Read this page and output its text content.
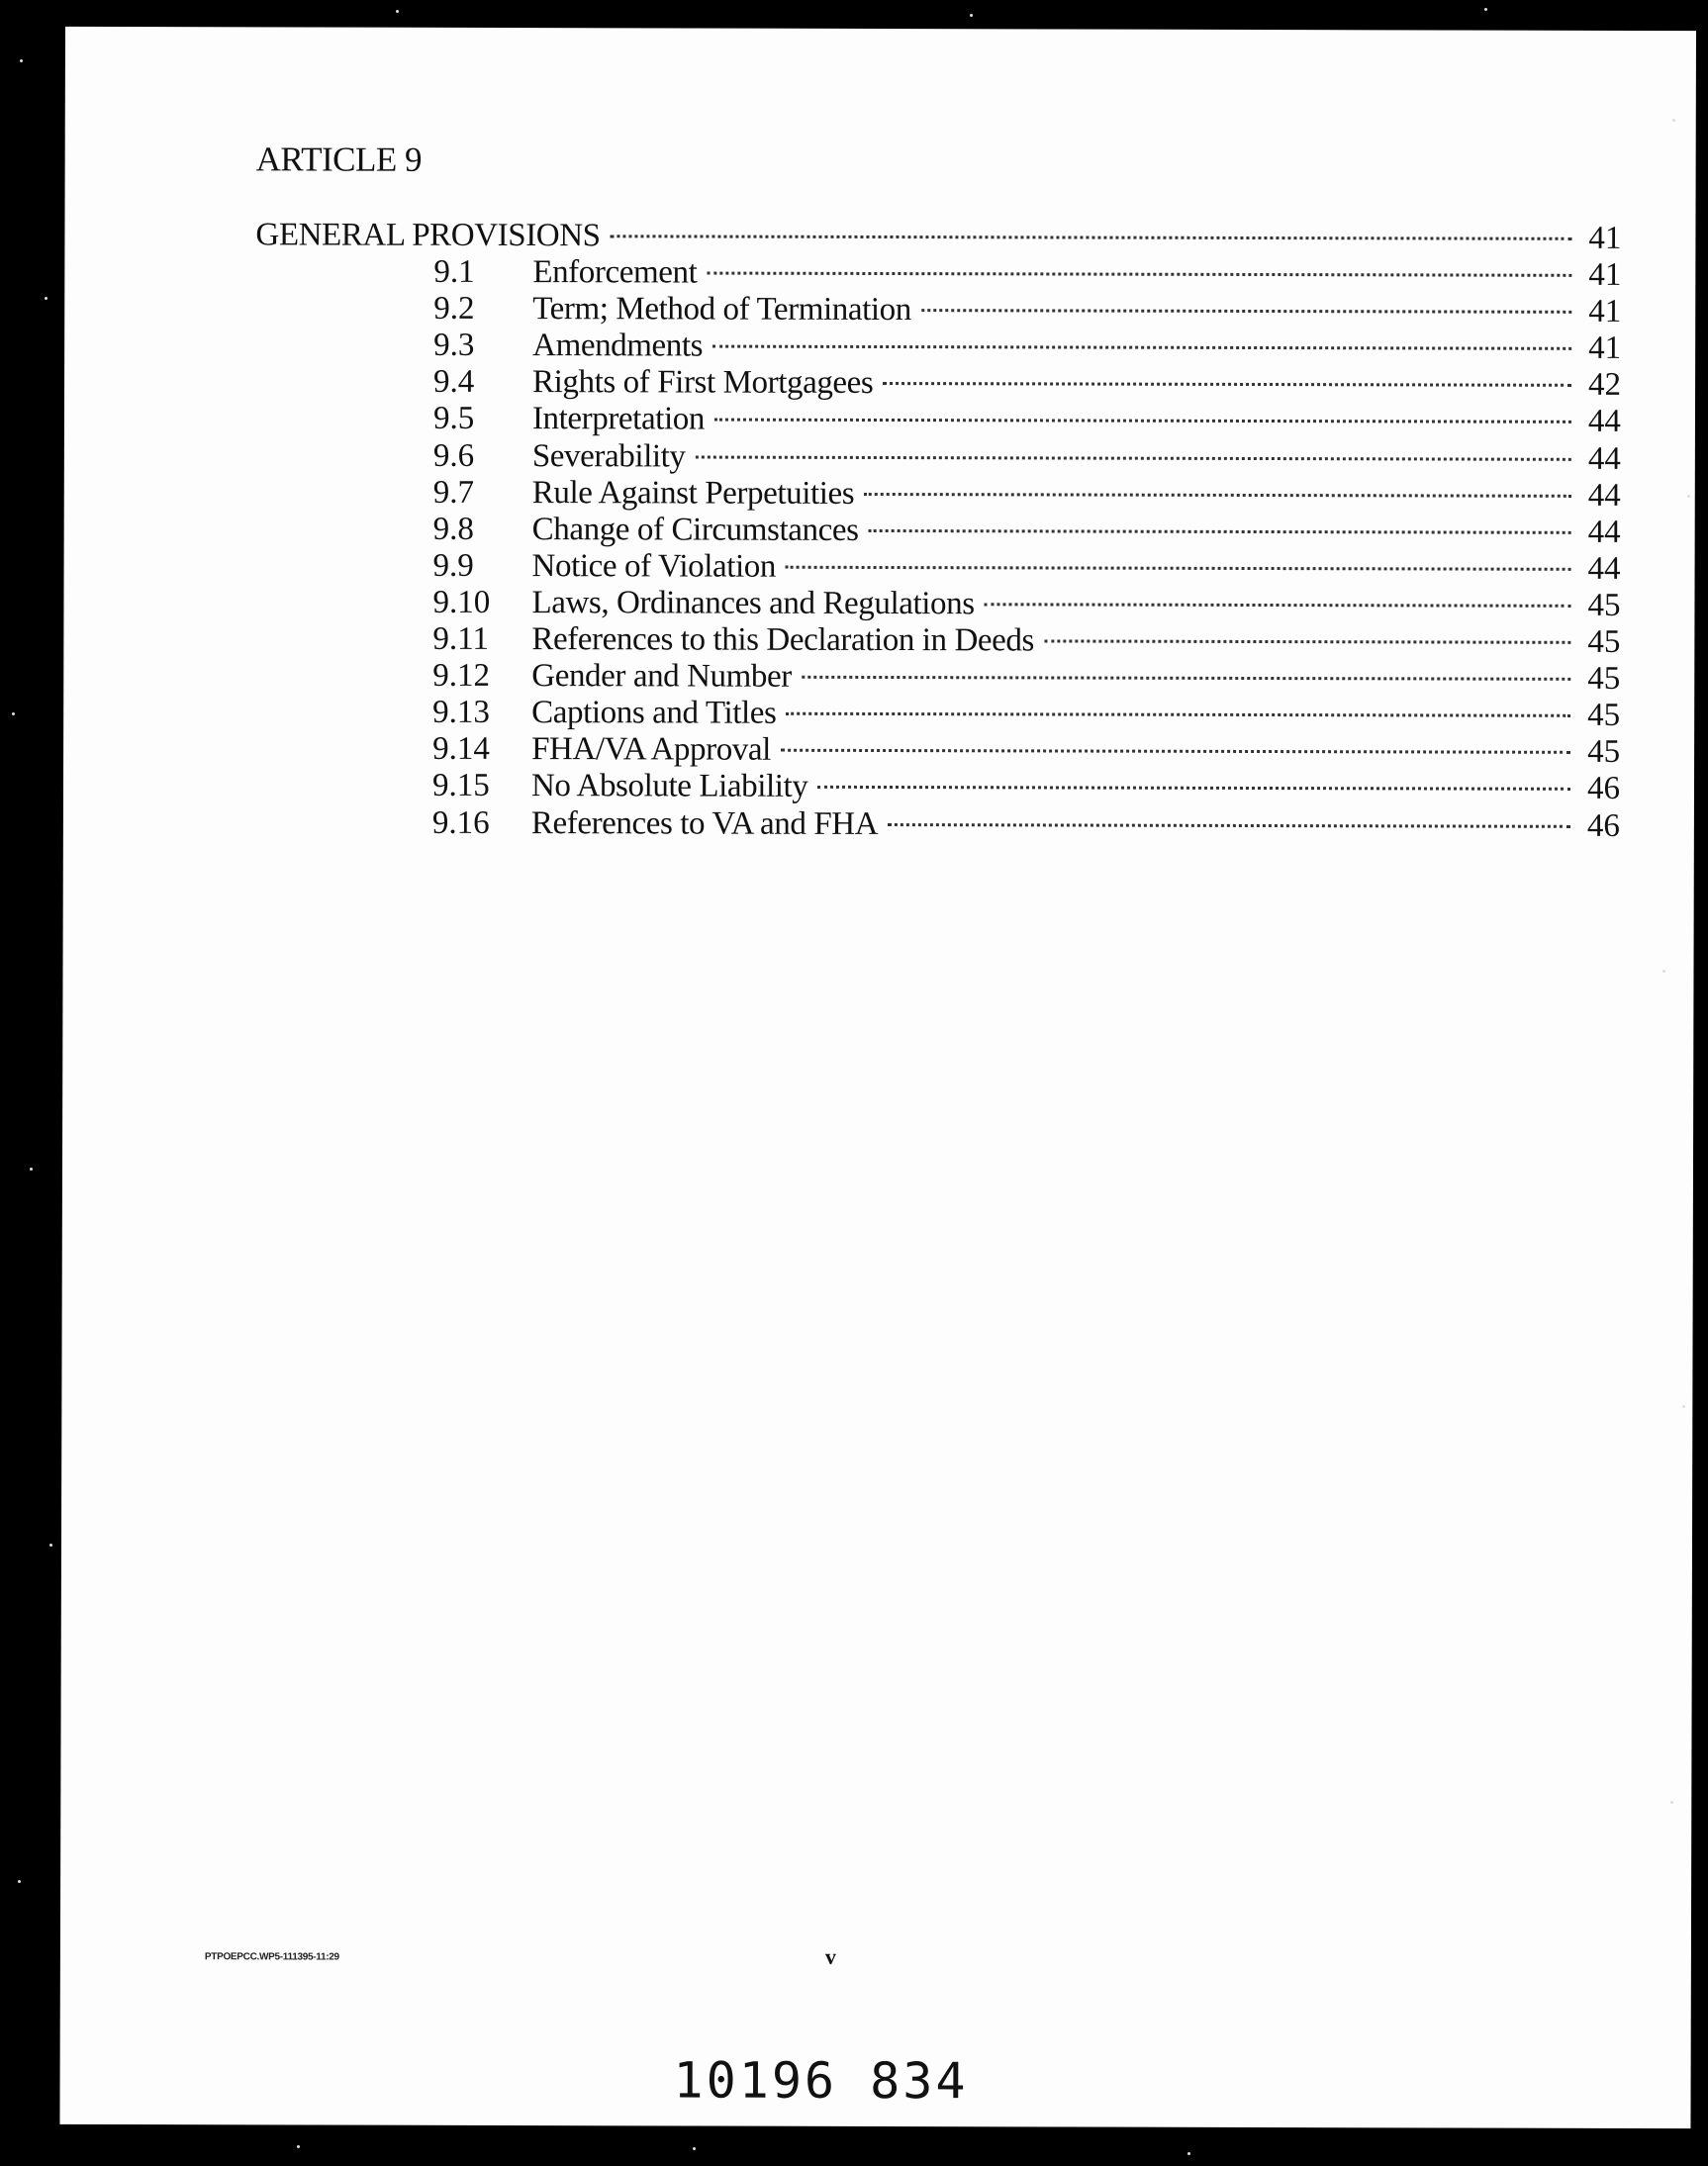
ARTICLE 9
GENERAL PROVISIONS	41
9.1	Enforcement	41
9.2	Term; Method of Termination	41
9.3	Amendments	41
9.4	Rights of First Mortgagees	42
9.5	Interpretation	44
9.6	Severability	44
9.7	Rule Against Perpetuities	44
9.8	Change of Circumstances	44
9.9	Notice of Violation	44
9.10	Laws, Ordinances and Regulations	45
9.11	References to this Declaration in Deeds	45
9.12	Gender and Number	45
9.13	Captions and Titles	45
9.14	FHA/VA Approval	45
9.15	No Absolute Liability	46
9.16	References to VA and FHA	46
PTPOEPCC.WP5-111395-11:29	v
10196 834
